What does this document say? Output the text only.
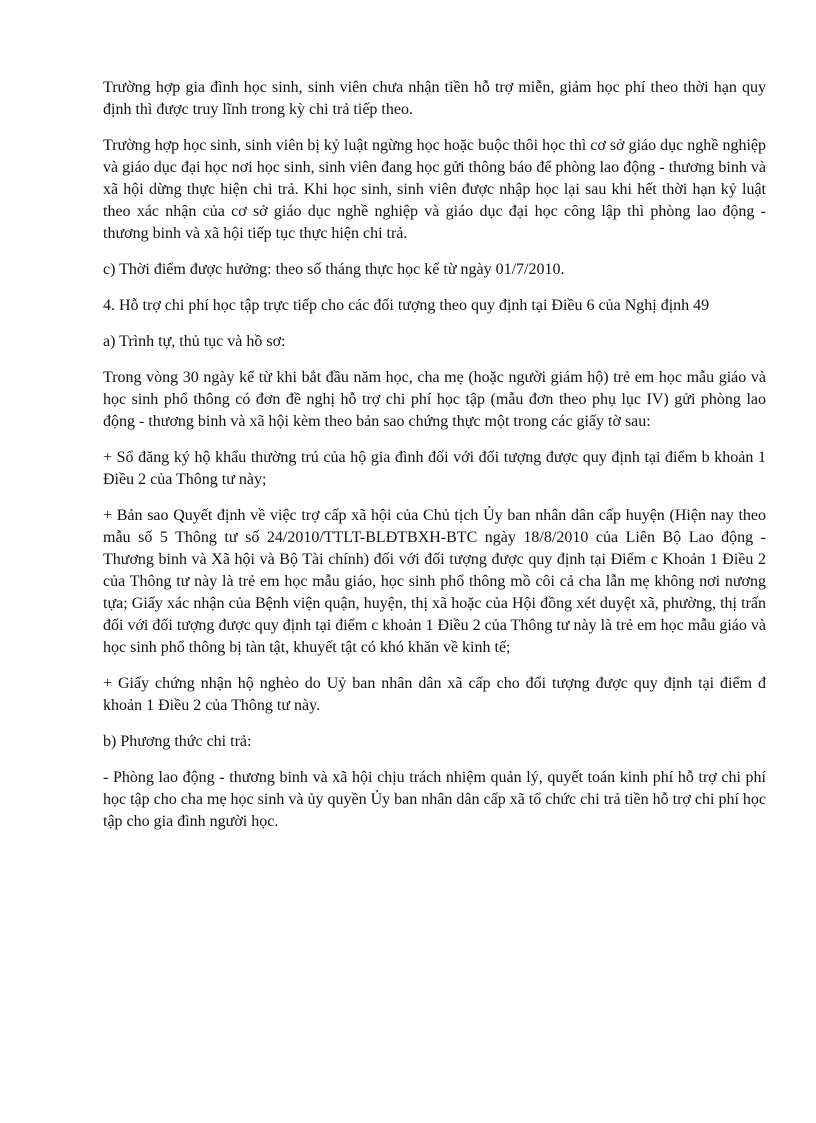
Trường hợp gia đình học sinh, sinh viên chưa nhận tiền hỗ trợ miễn, giảm học phí theo thời hạn quy định thì được truy lĩnh trong kỳ chi trả tiếp theo.

Trường hợp học sinh, sinh viên bị kỷ luật ngừng học hoặc buộc thôi học thì cơ sở giáo dục nghề nghiệp và giáo dục đại học nơi học sinh, sinh viên đang học gửi thông báo để phòng lao động - thương binh và xã hội dừng thực hiện chi trả. Khi học sinh, sinh viên được nhập học lại sau khi hết thời hạn kỷ luật theo xác nhận của cơ sở giáo dục nghề nghiệp và giáo dục đại học công lập thì phòng lao động - thương binh và xã hội tiếp tục thực hiện chi trả.

c) Thời điểm được hưởng: theo số tháng thực học kể từ ngày 01/7/2010.

4. Hỗ trợ chi phí học tập trực tiếp cho các đối tượng theo quy định tại Điều 6 của Nghị định 49

a) Trình tự, thủ tục và hồ sơ:

Trong vòng 30 ngày kể từ khi bắt đầu năm học, cha mẹ (hoặc người giám hộ) trẻ em học mẫu giáo và học sinh phổ thông có đơn đề nghị hỗ trợ chi phí học tập (mẫu đơn theo phụ lục IV) gửi phòng lao động - thương binh và xã hội kèm theo bản sao chứng thực một trong các giấy tờ sau:

+ Sổ đăng ký hộ khẩu thường trú của hộ gia đình đối với đối tượng được quy định tại điểm b khoản 1 Điều 2 của Thông tư này;

+ Bản sao Quyết định về việc trợ cấp xã hội của Chủ tịch Ủy ban nhân dân cấp huyện (Hiện nay theo mẫu số 5 Thông tư số 24/2010/TTLT-BLĐTBXH-BTC ngày 18/8/2010 của Liên Bộ Lao động - Thương binh và Xã hội và Bộ Tài chính) đối với đối tượng được quy định tại Điểm c Khoản 1 Điều 2 của Thông tư này là trẻ em học mẫu giáo, học sinh phổ thông mồ côi cả cha lẫn mẹ không nơi nương tựa; Giấy xác nhận của Bệnh viện quận, huyện, thị xã hoặc của Hội đồng xét duyệt xã, phường, thị trấn đối với đối tượng được quy định tại điểm c khoản 1 Điều 2 của Thông tư này là trẻ em học mẫu giáo và học sinh phổ thông bị tàn tật, khuyết tật có khó khăn về kinh tế;

+ Giấy chứng nhận hộ nghèo do Uỷ ban nhân dân xã cấp cho đối tượng được quy định tại điểm đ khoản 1 Điều 2 của Thông tư này.

b) Phương thức chi trả:

- Phòng lao động - thương binh và xã hội chịu trách nhiệm quản lý, quyết toán kinh phí hỗ trợ chi phí học tập cho cha mẹ học sinh và ủy quyền Ủy ban nhân dân cấp xã tổ chức chi trả tiền hỗ trợ chi phí học tập cho gia đình người học.
